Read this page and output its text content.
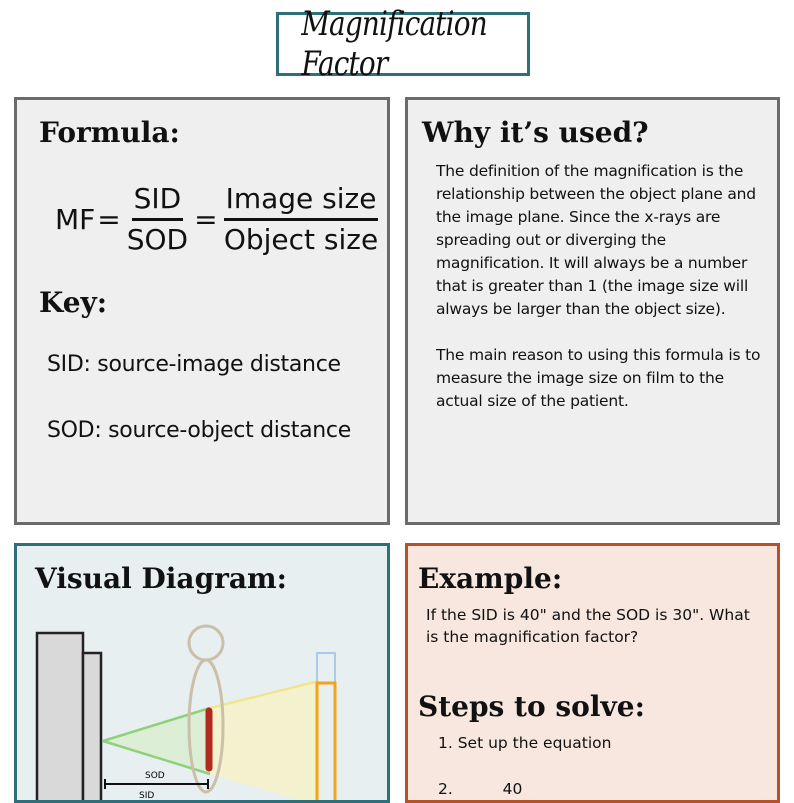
Magnification Factor
Formula:
MF = $\frac{\text{SID}}{\text{SOD}} = \frac{\text{Image size}}{\text{Object size}}$
Key:
SID: source-image distance
SOD: source-object distance
Why it’s used?

The definition of the magnification is the relationship between the object plane and the image plane. Since the x-rays are spreading out or diverging the magnification. It will always be a number that is greater than 1 (the image size will always be larger than the object size).

The main reason to using this formula is to measure the image size on film to the actual size of the patient.

Visual Diagram:
SOD
SID
Example:
If the SID is 40" and the SOD is 30". What is the magnification factor?
Steps to solve:
1. Set up the equation
2.	40
